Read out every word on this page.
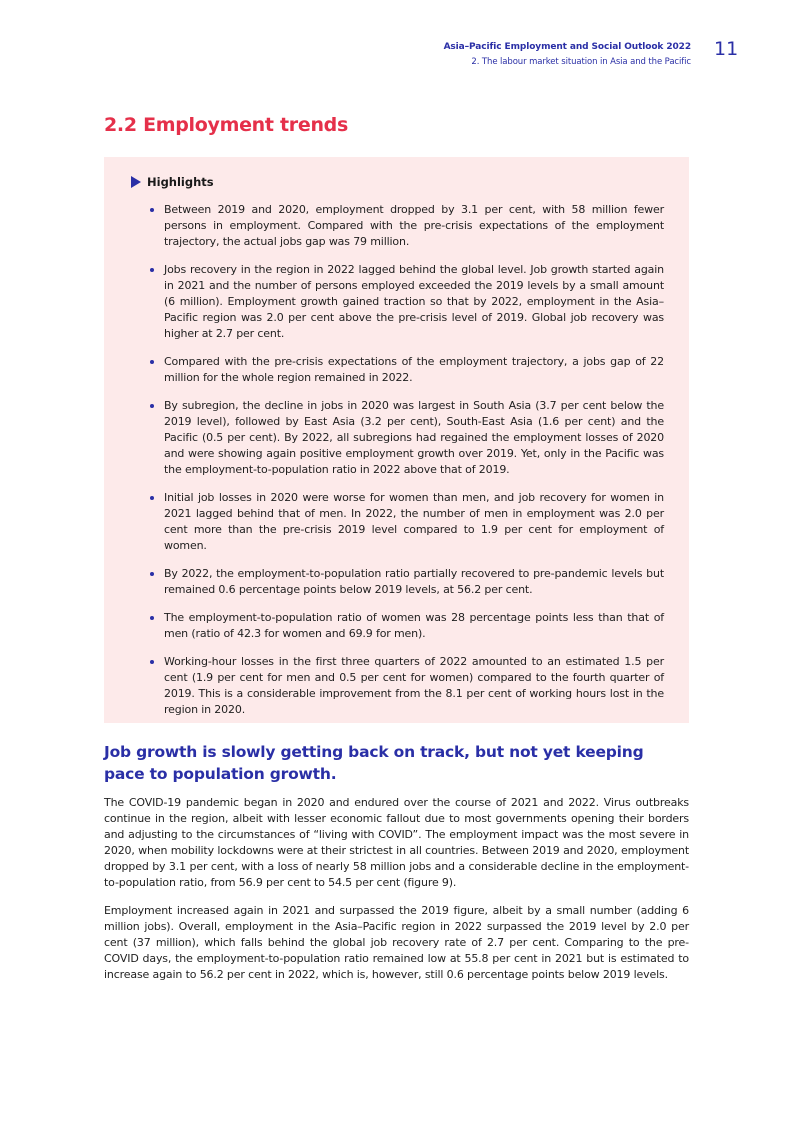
Asia–Pacific Employment and Social Outlook 2022
2. The labour market situation in Asia and the Pacific
11
2.2 Employment trends
Highlights
Between 2019 and 2020, employment dropped by 3.1 per cent, with 58 million fewer persons in employment. Compared with the pre-crisis expectations of the employment trajectory, the actual jobs gap was 79 million.
Jobs recovery in the region in 2022 lagged behind the global level. Job growth started again in 2021 and the number of persons employed exceeded the 2019 levels by a small amount (6 million). Employment growth gained traction so that by 2022, employment in the Asia–Pacific region was 2.0 per cent above the pre-crisis level of 2019. Global job recovery was higher at 2.7 per cent.
Compared with the pre-crisis expectations of the employment trajectory, a jobs gap of 22 million for the whole region remained in 2022.
By subregion, the decline in jobs in 2020 was largest in South Asia (3.7 per cent below the 2019 level), followed by East Asia (3.2 per cent), South-East Asia (1.6 per cent) and the Pacific (0.5 per cent). By 2022, all subregions had regained the employment losses of 2020 and were showing again positive employment growth over 2019. Yet, only in the Pacific was the employment-to-population ratio in 2022 above that of 2019.
Initial job losses in 2020 were worse for women than men, and job recovery for women in 2021 lagged behind that of men. In 2022, the number of men in employment was 2.0 per cent more than the pre-crisis 2019 level compared to 1.9 per cent for employment of women.
By 2022, the employment-to-population ratio partially recovered to pre-pandemic levels but remained 0.6 percentage points below 2019 levels, at 56.2 per cent.
The employment-to-population ratio of women was 28 percentage points less than that of men (ratio of 42.3 for women and 69.9 for men).
Working-hour losses in the first three quarters of 2022 amounted to an estimated 1.5 per cent (1.9 per cent for men and 0.5 per cent for women) compared to the fourth quarter of 2019. This is a considerable improvement from the 8.1 per cent of working hours lost in the region in 2020.
Job growth is slowly getting back on track, but not yet keeping pace to population growth.

The COVID-19 pandemic began in 2020 and endured over the course of 2021 and 2022. Virus outbreaks continue in the region, albeit with lesser economic fallout due to most governments opening their borders and adjusting to the circumstances of “living with COVID”. The employment impact was the most severe in 2020, when mobility lockdowns were at their strictest in all countries. Between 2019 and 2020, employment dropped by 3.1 per cent, with a loss of nearly 58 million jobs and a considerable decline in the employment-to-population ratio, from 56.9 per cent to 54.5 per cent (figure 9).

Employment increased again in 2021 and surpassed the 2019 figure, albeit by a small number (adding 6 million jobs). Overall, employment in the Asia–Pacific region in 2022 surpassed the 2019 level by 2.0 per cent (37 million), which falls behind the global job recovery rate of 2.7 per cent. Comparing to the pre-COVID days, the employment-to-population ratio remained low at 55.8 per cent in 2021 but is estimated to increase again to 56.2 per cent in 2022, which is, however, still 0.6 percentage points below 2019 levels.
